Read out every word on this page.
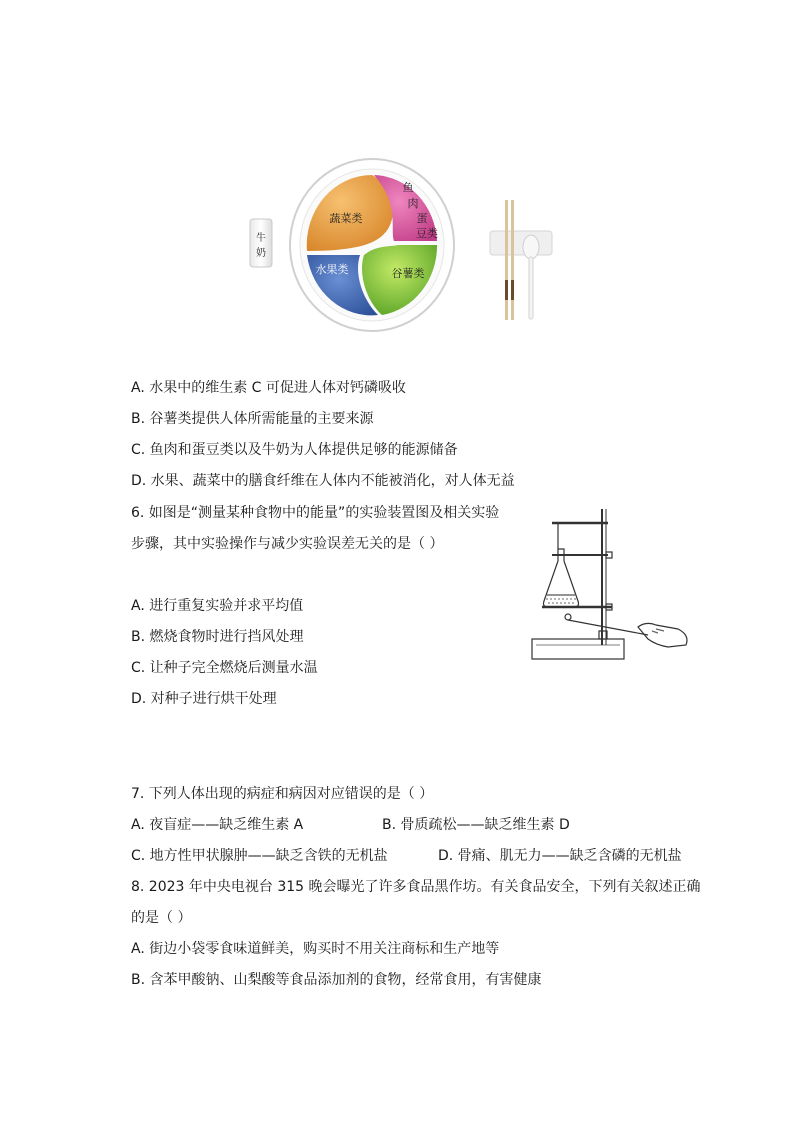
牛
奶
蔬菜类
鱼
肉
蛋
豆类
水果类	谷薯类
A. 水果中的维生素 C 可促进人体对钙磷吸收
B. 谷薯类提供人体所需能量的主要来源
C. 鱼肉和蛋豆类以及牛奶为人体提供足够的能源储备
D. 水果、蔬菜中的膳食纤维在人体内不能被消化，对人体无益
6. 如图是“测量某种食物中的能量”的实验装置图及相关实验
步骤，其中实验操作与减少实验误差无关的是（ ）
A. 进行重复实验并求平均值
B. 燃烧食物时进行挡风处理
C. 让种子完全燃烧后测量水温
D. 对种子进行烘干处理
7. 下列人体出现的病症和病因对应错误的是（ ）
A. 夜盲症——缺乏维生素 A	B. 骨质疏松——缺乏维生素 D
C. 地方性甲状腺肿——缺乏含铁的无机盐	D. 骨痛、肌无力——缺乏含磷的无机盐
8. 2023 年中央电视台 315 晚会曝光了许多食品黑作坊。有关食品安全，下列有关叙述正确
的是（ ）
A. 街边小袋零食味道鲜美，购买时不用关注商标和生产地等
B. 含苯甲酸钠、山梨酸等食品添加剂的食物，经常食用，有害健康
